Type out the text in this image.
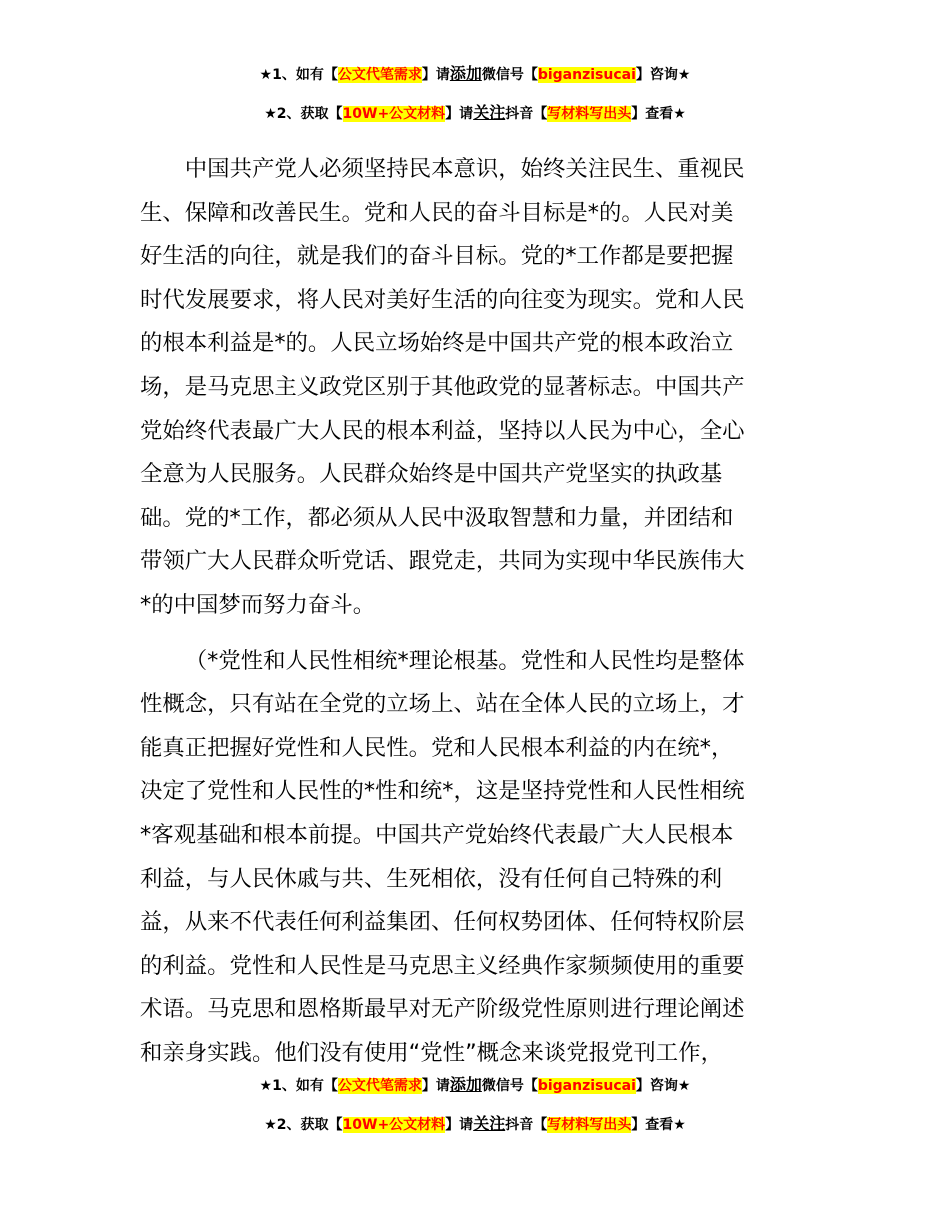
★1、如有【公文代笔需求】请添加微信号【biganzisucai】咨询★
★2、获取【10W+公文材料】请关注抖音【写材料写出头】查看★

中国共产党人必须坚持民本意识，始终关注民生、重视民
生、保障和改善民生。党和人民的奋斗目标是*的。人民对美
好生活的向往，就是我们的奋斗目标。党的*工作都是要把握
时代发展要求，将人民对美好生活的向往变为现实。党和人民
的根本利益是*的。人民立场始终是中国共产党的根本政治立
场，是马克思主义政党区别于其他政党的显著标志。中国共产
党始终代表最广大人民的根本利益，坚持以人民为中心，全心
全意为人民服务。人民群众始终是中国共产党坚实的执政基
础。党的*工作，都必须从人民中汲取智慧和力量，并团结和
带领广大人民群众听党话、跟党走，共同为实现中华民族伟大
*的中国梦而努力奋斗。

（*党性和人民性相统*理论根基。党性和人民性均是整体
性概念，只有站在全党的立场上、站在全体人民的立场上，才
能真正把握好党性和人民性。党和人民根本利益的内在统*，
决定了党性和人民性的*性和统*，这是坚持党性和人民性相统
*客观基础和根本前提。中国共产党始终代表最广大人民根本
利益，与人民休戚与共、生死相依，没有任何自己特殊的利
益，从来不代表任何利益集团、任何权势团体、任何特权阶层
的利益。党性和人民性是马克思主义经典作家频频使用的重要
术语。马克思和恩格斯最早对无产阶级党性原则进行理论阐述
和亲身实践。他们没有使用“党性”概念来谈党报党刊工作，

★1、如有【公文代笔需求】请添加微信号【biganzisucai】咨询★
★2、获取【10W+公文材料】请关注抖音【写材料写出头】查看★
